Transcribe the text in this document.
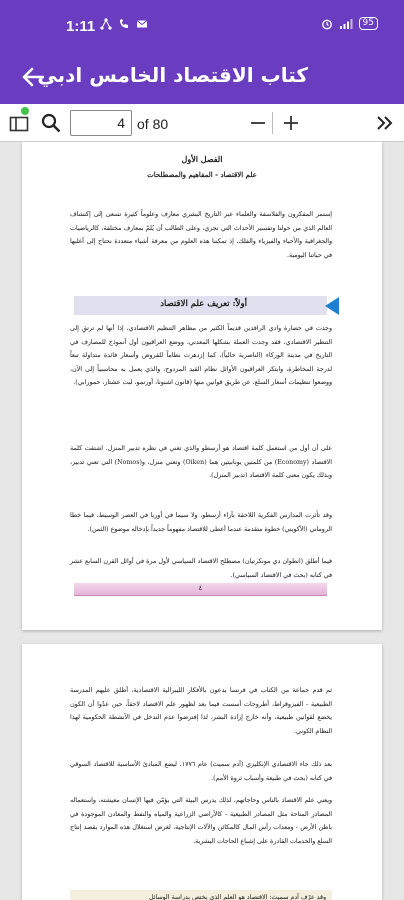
1:11	95
كتاب الاقتصاد الخامس ادبي
4 of 80
الفصل الأول
علم الاقتصاد - المفاهيم والمصطلحات
إستمر المفكرون والفلاسفة والعلماء عبر التاريخ البشري معارف وعلوماً كثيرة تسعى إلى إكتشاف العالم الذي من حولنا وتفسير الأحداث التي تجري، وعلى الطالب أن يُلمّ بمعارف مختلفة، كالرياضيات والجغرافية والأحياء والفيزياء والفلك، إذ تمكننا هذه العلوم من معرفة أشياء متعددة نحتاج إلى أغلبها في حياتنا اليومية.
أولاً: تعريف علم الاقتصاد
وجدت في حضارة وادي الرافدين قديماً الكثير من مظاهر التنظيم الاقتصادي، إذا أنها لم ترتقِ إلى التنظير الاقتصادي، فقد وجدت العملة بشكلها المعدني، ووضع العراقيون أول أنموذج للمصارف في التاريخ في مدينة الوركاء (الناصرية حالياً)، كما إزدهرت نظاماً للقروض وأسعار فائدة متداولة تبعاً لدرجة المخاطرة، وابتكر العراقيون الأوائل نظام القيد المزدوج، والذي يعمل به محاسبياً إلى الآن، ووضعوا تنظيمات أسعار السلع، عن طريق قوانين منها (قانون اشنونا، أورنمو، لبت عشتار، حمورابي).
على أن أول من استعمل كلمة اقتصاد هو أرسطو والذي تعني في نظره تدبير المنزل. اشتقت كلمة الاقتصاد (Economy) من كلمتين يونانيتين هما (Oiken) وتعني منزل، و(Nomos) التي تعني تدبير، وبذلك يكون معنى كلمة الاقتصاد (تدبير المنزل).
وقد تأثرت المدارس الفكرية اللاحقة بآراء أرسطو، ولا سيما في أوربا في العصر الوسيط، فيما خطا الروماني (الأكويني) خطوة متقدمة عندما أعطى للاقتصاد مفهوماً جديداً بإدخاله موضوع (الثمن).
فيما أطلق (انطوان دي مونكرتيان) مصطلح الاقتصاد السياسي لأول مرة في أوائل القرن السابع عشر في كتابه (بحث في الاقتصاد السياسي).
٤
ثم قدم جماعة من الكتاب في فرنسا يدعون بالأفكار الليبرالية الاقتصادية، أطلق عليهم المدرسة الطبيعية - الفيزوقراط، أطروحات أسست فيما بعد لظهور علم الاقتصاد لاحقاً، حين عدّوا أن الكون يخضع لقوانين طبيعية، وأنه خارج إرادة البشر، لذا إفترضوا عدم التدخل في الأنشطة الحكومية لهذا النظام الكوني.
بعد ذلك جاء الاقتصادي الإنكليزي (آدم سميث) عام ١٧٧٦، ليضع المبادئ الأساسية للاقتصاد السوقي في كتابه (بحث في طبيعة وأسباب ثروة الأمم).
ويعني علم الاقتصاد بالناس وحاجاتهم، لذلك يدرس البيئة التي يؤمّن فيها الإنسان معيشته، واستعماله المصادر المتاحة مثل المصادر الطبيعية - كالأراضي الزراعية والمياه والنفط والمعادن الموجودة في باطن الأرض - ومعدات رأس المال كالمكائن والآلات الإنتاجية، لغرض استغلال هذه الموارد بقصد إنتاج السلع والخدمات القادرة على إشباع الحاجات البشرية.
وقد عرّف آدم سميث: الاقتصاد هو العلم الذي يختص بدراسة الوسائل
